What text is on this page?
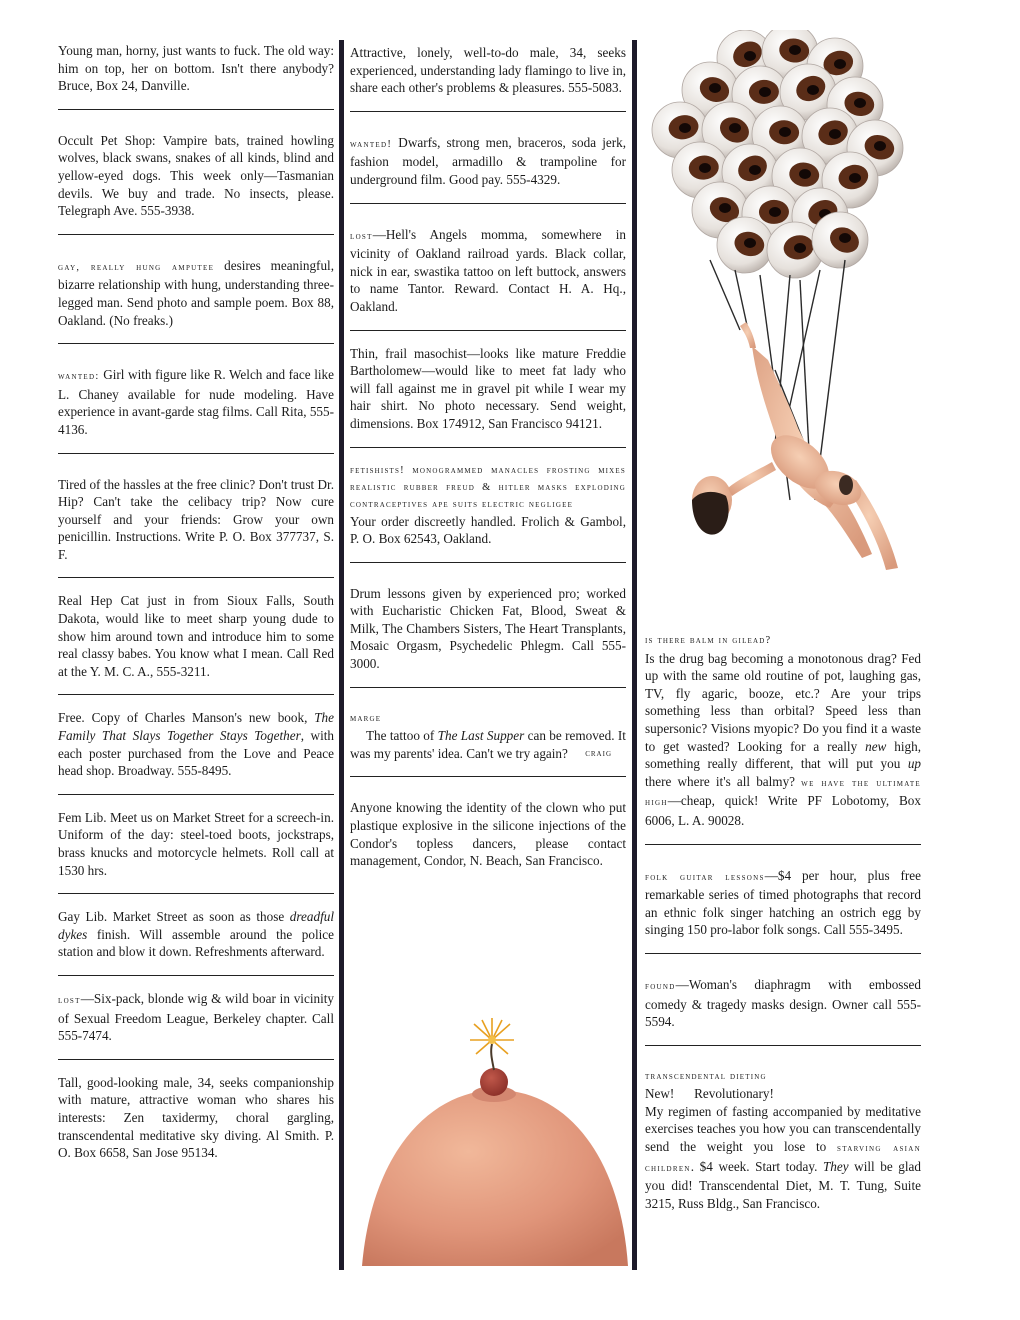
Young man, horny, just wants to fuck. The old way: him on top, her on bottom. Isn't there anybody? Bruce, Box 24, Danville.

Occult Pet Shop: Vampire bats, trained howling wolves, black swans, snakes of all kinds, blind and yellow-eyed dogs. This week only—Tasmanian devils. We buy and trade. No insects, please. Telegraph Ave. 555-3938.

gay, really hung amputee desires meaningful, bizarre relationship with hung, understanding three-legged man. Send photo and sample poem. Box 88, Oakland. (No freaks.)

wanted: Girl with figure like R. Welch and face like L. Chaney available for nude modeling. Have experience in avant-garde stag films. Call Rita, 555-4136.

Tired of the hassles at the free clinic? Don't trust Dr. Hip? Can't take the celibacy trip? Now cure yourself and your friends: Grow your own penicillin. Instructions. Write P. O. Box 377737, S. F.

Real Hep Cat just in from Sioux Falls, South Dakota, would like to meet sharp young dude to show him around town and introduce him to some real classy babes. You know what I mean. Call Red at the Y. M. C. A., 555-3211.

Free. Copy of Charles Manson's new book, The Family That Slays Together Stays Together, with each poster purchased from the Love and Peace head shop. Broadway. 555-8495.

Fem Lib. Meet us on Market Street for a screech-in. Uniform of the day: steel-toed boots, jockstraps, brass knucks and motorcycle helmets. Roll call at 1530 hrs.

Gay Lib. Market Street as soon as those dreadful dykes finish. Will assemble around the police station and blow it down. Refreshments afterward.

lost—Six-pack, blonde wig & wild boar in vicinity of Sexual Freedom League, Berkeley chapter. Call 555-7474.

Tall, good-looking male, 34, seeks companionship with mature, attractive woman who shares his interests: Zen taxidermy, choral gargling, transcendental meditative sky diving. Al Smith. P. O. Box 6658, San Jose 95134.

Attractive, lonely, well-to-do male, 34, seeks experienced, understanding lady flamingo to live in, share each other's problems & pleasures. 555-5083.

wanted! Dwarfs, strong men, braceros, soda jerk, fashion model, armadillo & trampoline for underground film. Good pay. 555-4329.

lost—Hell's Angels momma, somewhere in vicinity of Oakland railroad yards. Black collar, nick in ear, swastika tattoo on left buttock, answers to name Tantor. Reward. Contact H. A. Hq., Oakland.

Thin, frail masochist—looks like mature Freddie Bartholomew—would like to meet fat lady who will fall against me in gravel pit while I wear my hair shirt. No photo necessary. Send weight, dimensions. Box 174912, San Francisco 94121.

fetishists! monogrammed manacles frosting mixes realistic rubber freud & hitler masks exploding contraceptives ape suits electric negligee
Your order discreetly handled. Frolich & Gambol, P. O. Box 62543, Oakland.

Drum lessons given by experienced pro; worked with Eucharistic Chicken Fat, Blood, Sweat & Milk, The Chambers Sisters, The Heart Transplants, Mosaic Orgasm, Psychedelic Phlegm. Call 555-3000.

marge
The tattoo of The Last Supper can be removed. It was my parents' idea. Can't we try again? craig

Anyone knowing the identity of the clown who put plastique explosive in the silicone injections of the Condor's topless dancers, please contact management, Condor, N. Beach, San Francisco.

is there balm in gilead?
Is the drug bag becoming a monotonous drag? Fed up with the same old routine of pot, laughing gas, TV, fly agaric, booze, etc.? Are your trips something less than orbital? Speed less than supersonic? Visions myopic? Do you find it a waste to get wasted? Looking for a really new high, something really different, that will put you up there where it's all balmy? we have the ultimate high—cheap, quick! Write PF Lobotomy, Box 6006, L. A. 90028.

folk guitar lessons—$4 per hour, plus free remarkable series of timed photographs that record an ethnic folk singer hatching an ostrich egg by singing 150 pro-labor folk songs. Call 555-3495.

found—Woman's diaphragm with embossed comedy & tragedy masks design. Owner call 555-5594.

transcendental dieting
New!      Revolutionary!
My regimen of fasting accompanied by meditative exercises teaches you how you can transcendentally send the weight you lose to starving asian children. $4 week. Start today. They will be glad you did! Transcendental Diet, M. T. Tung, Suite 3215, Russ Bldg., San Francisco.
